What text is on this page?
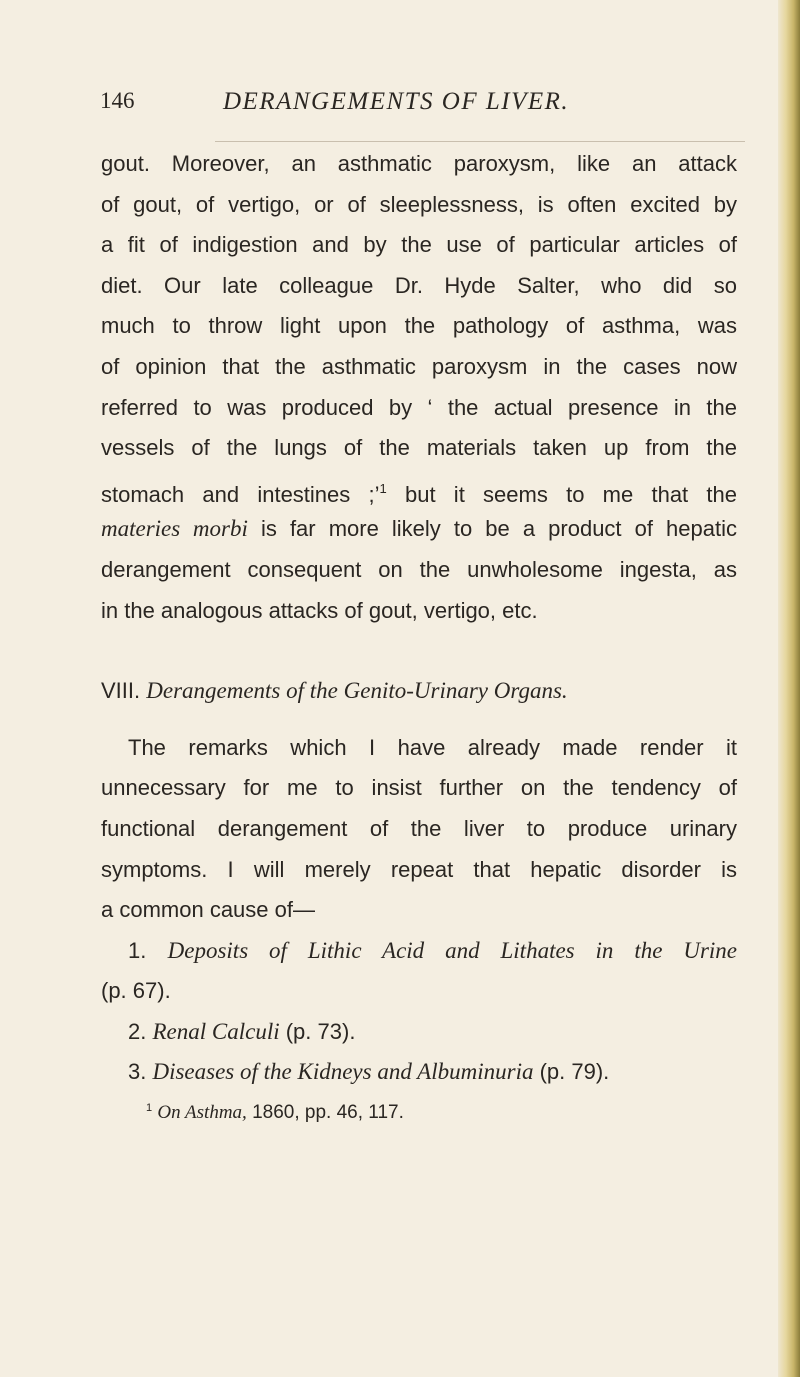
146	DERANGEMENTS OF LIVER.
gout. Moreover, an asthmatic paroxysm, like an attack
of gout, of vertigo, or of sleeplessness, is often excited by
a fit of indigestion and by the use of particular articles of
diet. Our late colleague Dr. Hyde Salter, who did so
much to throw light upon the pathology of asthma, was
of opinion that the asthmatic paroxysm in the cases now
referred to was produced by ‘ the actual presence in the
vessels of the lungs of the materials taken up from the
stomach and intestines ;’$^1$ but it seems to me that the
materies morbi is far more likely to be a product of hepatic
derangement consequent on the unwholesome ingesta, as
in the analogous attacks of gout, vertigo, etc.
VIII. Derangements of the Genito-Urinary Organs.
The remarks which I have already made render it
unnecessary for me to insist further on the tendency of
functional derangement of the liver to produce urinary
symptoms. I will merely repeat that hepatic disorder is
a common cause of—
1. Deposits of Lithic Acid and Lithates in the Urine
(p. 67).
2. Renal Calculi (p. 73).
3. Diseases of the Kidneys and Albuminuria (p. 79).
$^1$ On Asthma, 1860, pp. 46, 117.
